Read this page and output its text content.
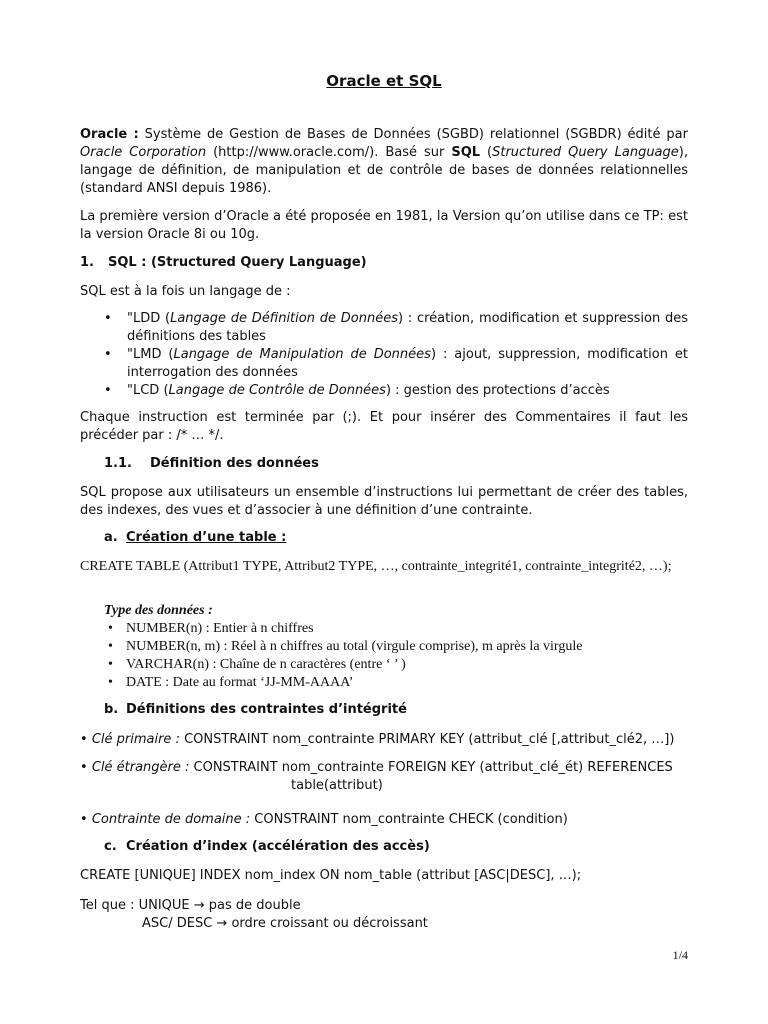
Oracle et SQL

Oracle : Système de Gestion de Bases de Données (SGBD) relationnel (SGBDR) édité par Oracle Corporation (http://www.oracle.com/). Basé sur SQL (Structured Query Language), langage de définition, de manipulation et de contrôle de bases de données relationnelles (standard ANSI depuis 1986).

La première version d’Oracle a été proposée en 1981, la Version qu’on utilise dans ce TP: est la version Oracle 8i ou 10g.

1. SQL : (Structured Query Language)

SQL est à la fois un langage de :

• "LDD (Langage de Définition de Données) : création, modification et suppression des définitions des tables
• "LMD (Langage de Manipulation de Données) : ajout, suppression, modification et interrogation des données
• "LCD (Langage de Contrôle de Données) : gestion des protections d’accès

Chaque instruction est terminée par (;). Et pour insérer des Commentaires il faut les précéder par : /* … */.

1.1. Définition des données

SQL propose aux utilisateurs un ensemble d’instructions lui permettant de créer des tables, des indexes, des vues et d’associer à une définition d’une contrainte.

a. Création d’une table :

CREATE TABLE (Attribut1 TYPE, Attribut2 TYPE, …, contrainte_integrité1, contrainte_integrité2, …);

Type des données :

• NUMBER(n) : Entier à n chiffres
• NUMBER(n, m) : Réel à n chiffres au total (virgule comprise), m après la virgule
• VARCHAR(n) : Chaîne de n caractères (entre ‘ ’ )
• DATE : Date au format ‘JJ-MM-AAAA’
b. Définitions des contraintes d’intégrité

• Clé primaire : CONSTRAINT nom_contrainte PRIMARY KEY (attribut_clé [,attribut_clé2, …])

• Clé étrangère : CONSTRAINT nom_contrainte FOREIGN KEY (attribut_clé_ét) REFERENCES

table(attribut)

• Contrainte de domaine : CONSTRAINT nom_contrainte CHECK (condition)

c. Création d’index (accélération des accès)

CREATE [UNIQUE] INDEX nom_index ON nom_table (attribut [ASC|DESC], …);

Tel que : UNIQUE → pas de double

ASC/ DESC → ordre croissant ou décroissant

1/4
